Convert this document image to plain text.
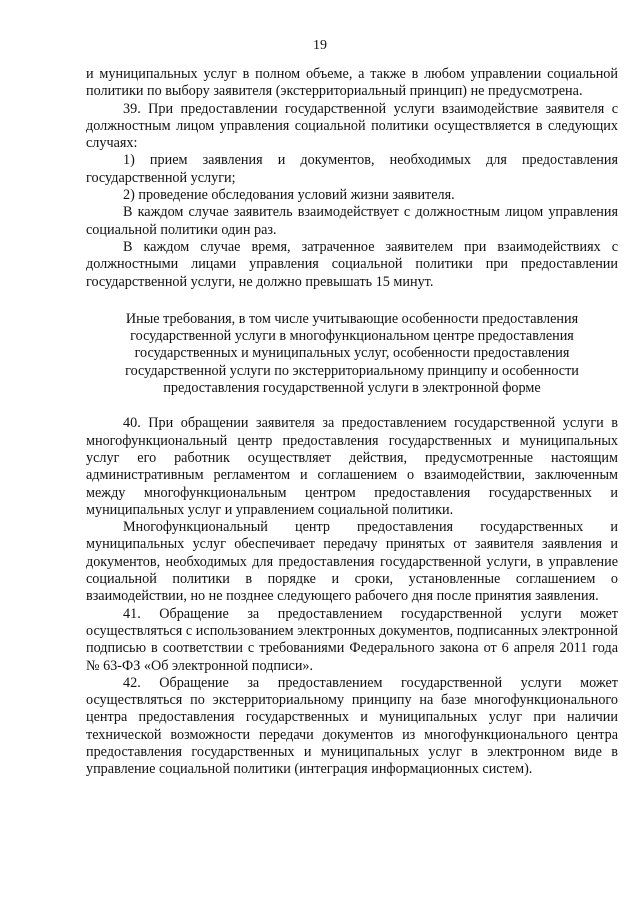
19

и муниципальных услуг в полном объеме, а также в любом управлении социальной политики по выбору заявителя (экстерриториальный принцип) не предусмотрена.

39. При предоставлении государственной услуги взаимодействие заявителя с должностным лицом управления социальной политики осуществляется в следующих случаях:

1) прием заявления и документов, необходимых для предоставления государственной услуги;

2) проведение обследования условий жизни заявителя.

В каждом случае заявитель взаимодействует с должностным лицом управления социальной политики один раз.

В каждом случае время, затраченное заявителем при взаимодействиях с должностными лицами управления социальной политики при предоставлении государственной услуги, не должно превышать 15 минут.

Иные требования, в том числе учитывающие особенности предоставления
государственной услуги в многофункциональном центре предоставления
государственных и муниципальных услуг, особенности предоставления
государственной услуги по экстерриториальному принципу и особенности
предоставления государственной услуги в электронной форме

40. При обращении заявителя за предоставлением государственной услуги в многофункциональный центр предоставления государственных и муниципальных услуг его работник осуществляет действия, предусмотренные настоящим административным регламентом и соглашением о взаимодействии, заключенным между многофункциональным центром предоставления государственных и муниципальных услуг и управлением социальной политики.

Многофункциональный центр предоставления государственных и муниципальных услуг обеспечивает передачу принятых от заявителя заявления и документов, необходимых для предоставления государственной услуги, в управление социальной политики в порядке и сроки, установленные соглашением о взаимодействии, но не позднее следующего рабочего дня после принятия заявления.

41. Обращение за предоставлением государственной услуги может осуществляться с использованием электронных документов, подписанных электронной подписью в соответствии с требованиями Федерального закона от 6 апреля 2011 года № 63-ФЗ «Об электронной подписи».

42. Обращение за предоставлением государственной услуги может осуществляться по экстерриториальному принципу на базе многофункционального центра предоставления государственных и муниципальных услуг при наличии технической возможности передачи документов из многофункционального центра предоставления государственных и муниципальных услуг в электронном виде в управление социальной политики (интеграция информационных систем).
